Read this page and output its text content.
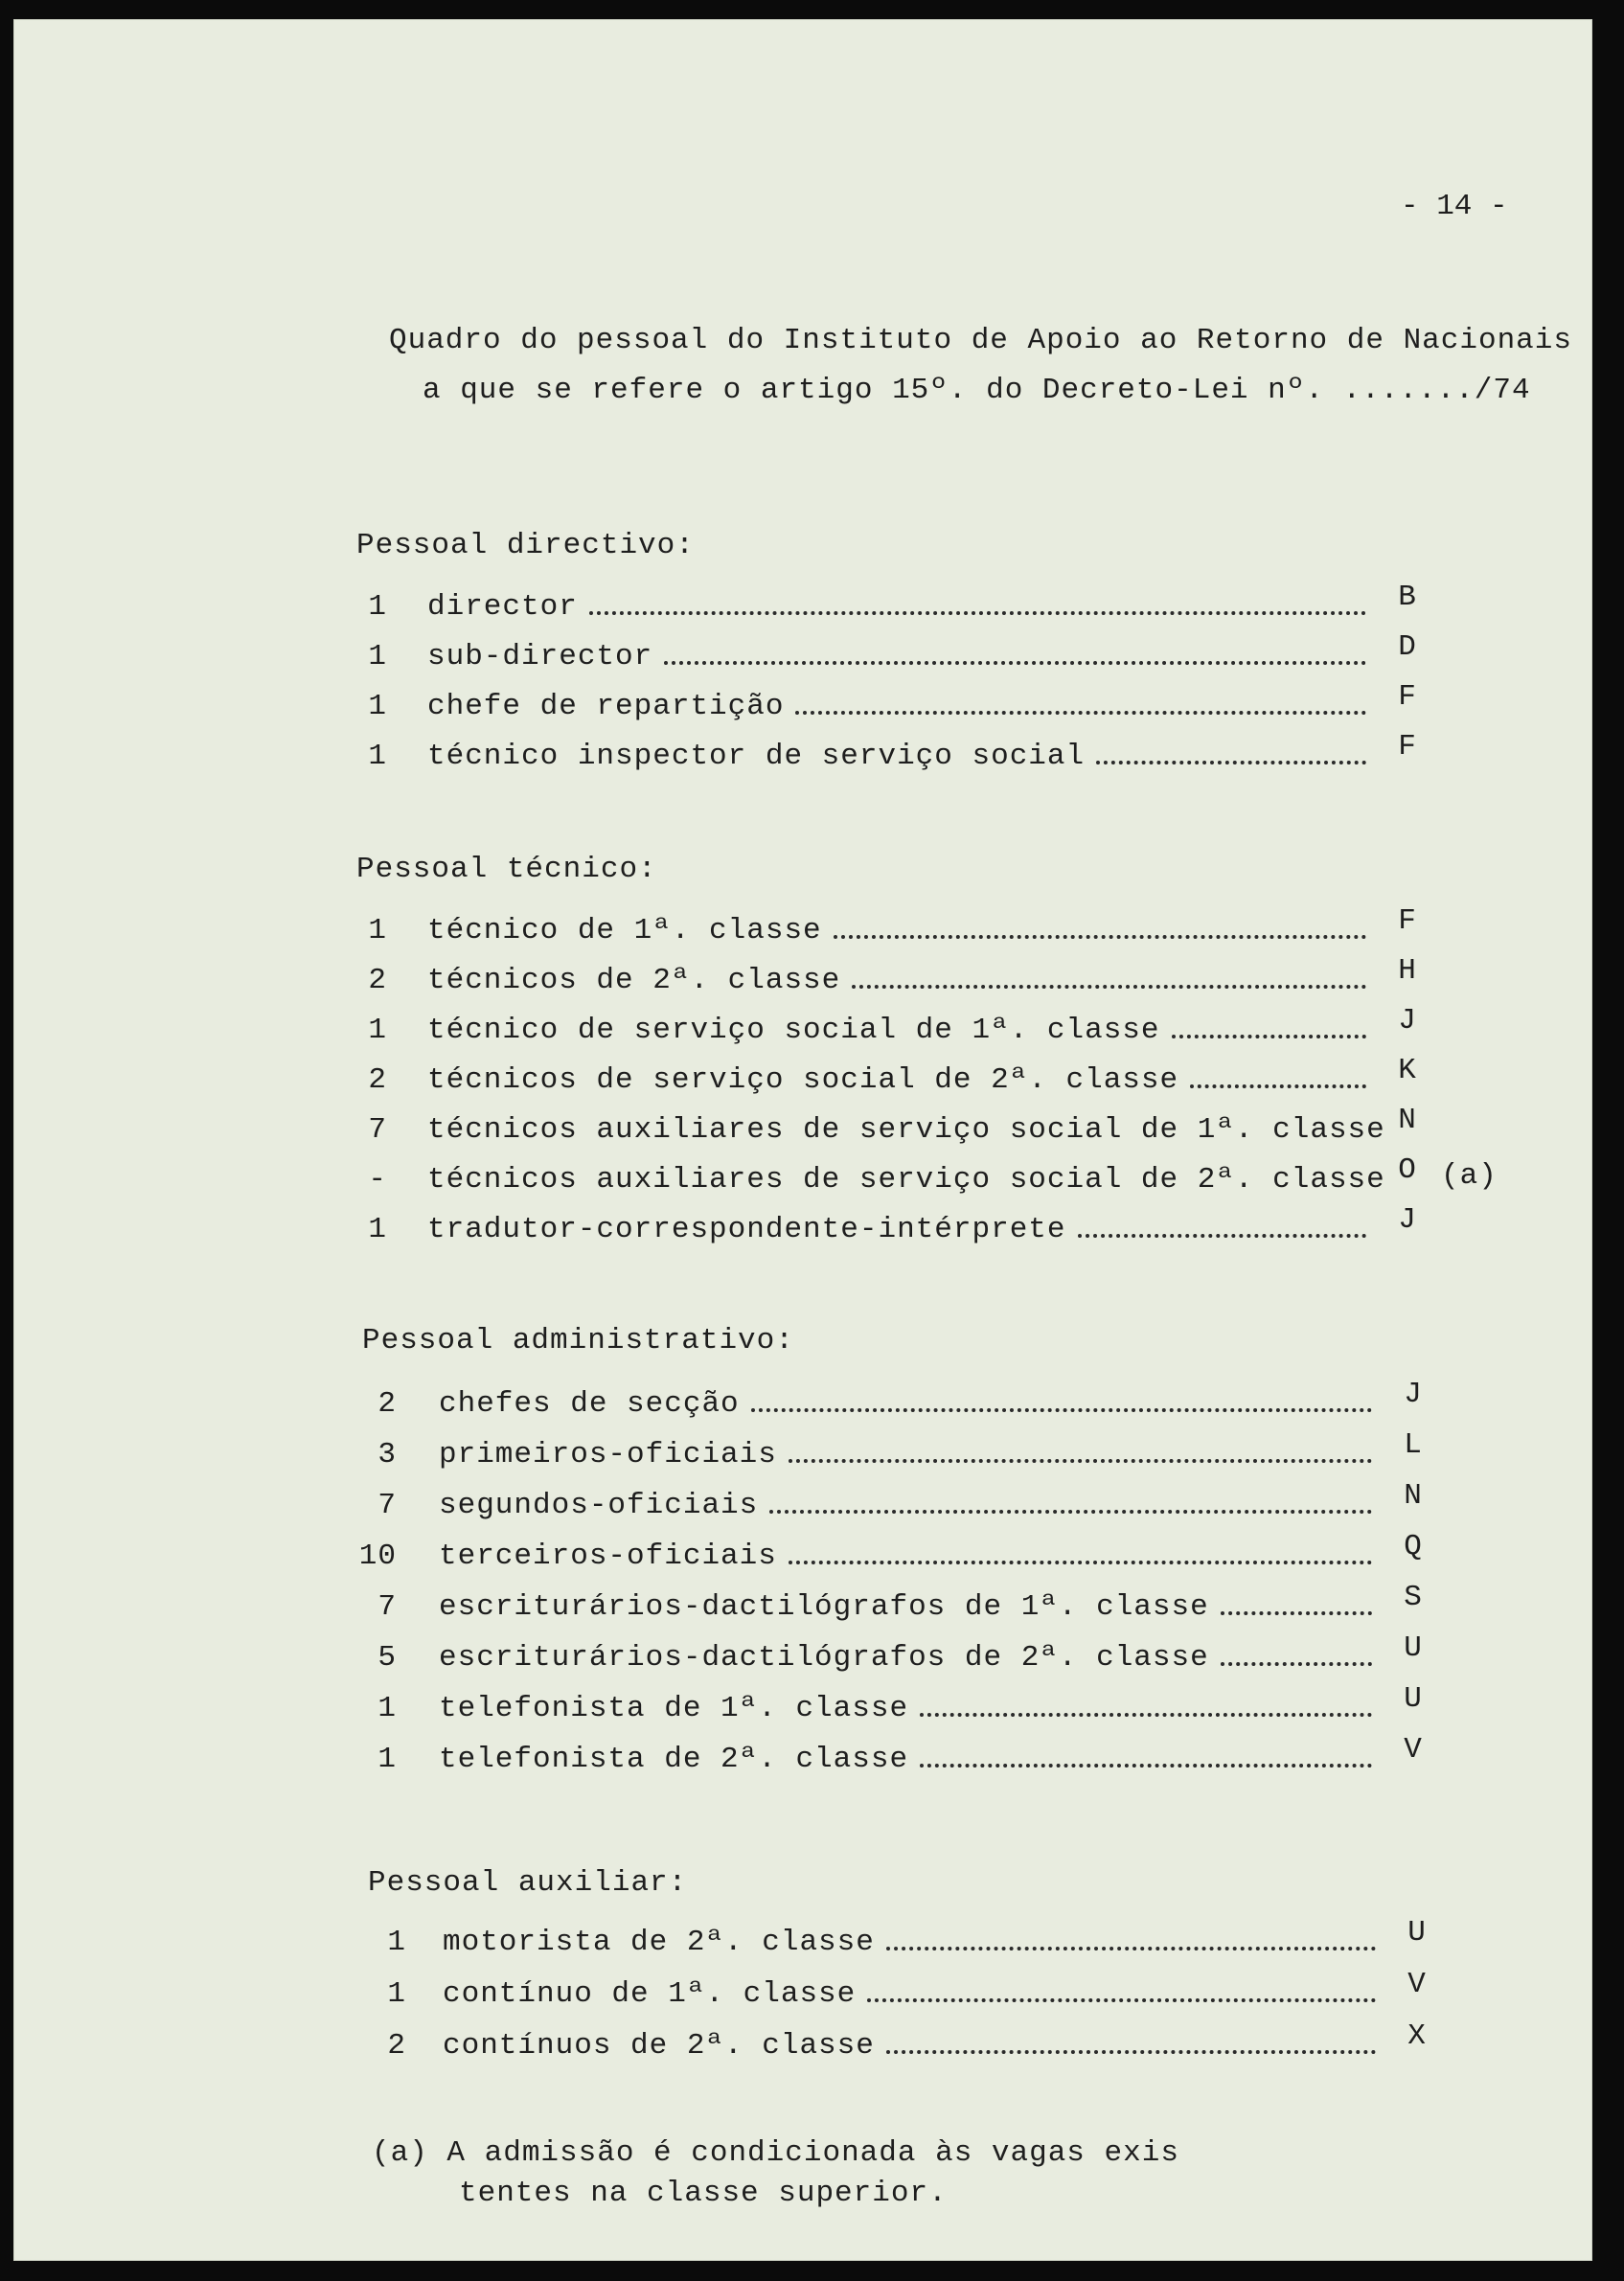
- 14 -
Quadro do pessoal do Instituto de Apoio ao Retorno de Nacionais
a que se refere o artigo 15º. do Decreto-Lei nº. ......./74
Pessoal directivo:
1 director	B
1 sub-director	D
1 chefe de repartição	F
1 técnico inspector de serviço social	F
Pessoal técnico:
1 técnico de 1ª. classe	F
2 técnicos de 2ª. classe	H
1 técnico de serviço social de 1ª. classe	J
2 técnicos de serviço social de 2ª. classe	K
7 técnicos auxiliares de serviço social de 1ª. classe N
- técnicos auxiliares de serviço social de 2ª. classe O (a)
1 tradutor-correspondente-intérprete	J
Pessoal administrativo:
2 chefes de secção	J
3 primeiros-oficiais	L
7 segundos-oficiais	N
10 terceiros-oficiais	Q
7 escriturários-dactilógrafos de 1ª. classe	S
5 escriturários-dactilógrafos de 2ª. classe	U
1 telefonista de 1ª. classe	U
1 telefonista de 2ª. classe	V
Pessoal auxiliar:
1 motorista de 2ª. classe	U
1 contínuo de 1ª. classe	V
2 contínuos de 2ª. classe	X
(a) A admissão é condicionada às vagas exis
tentes na classe superior.
